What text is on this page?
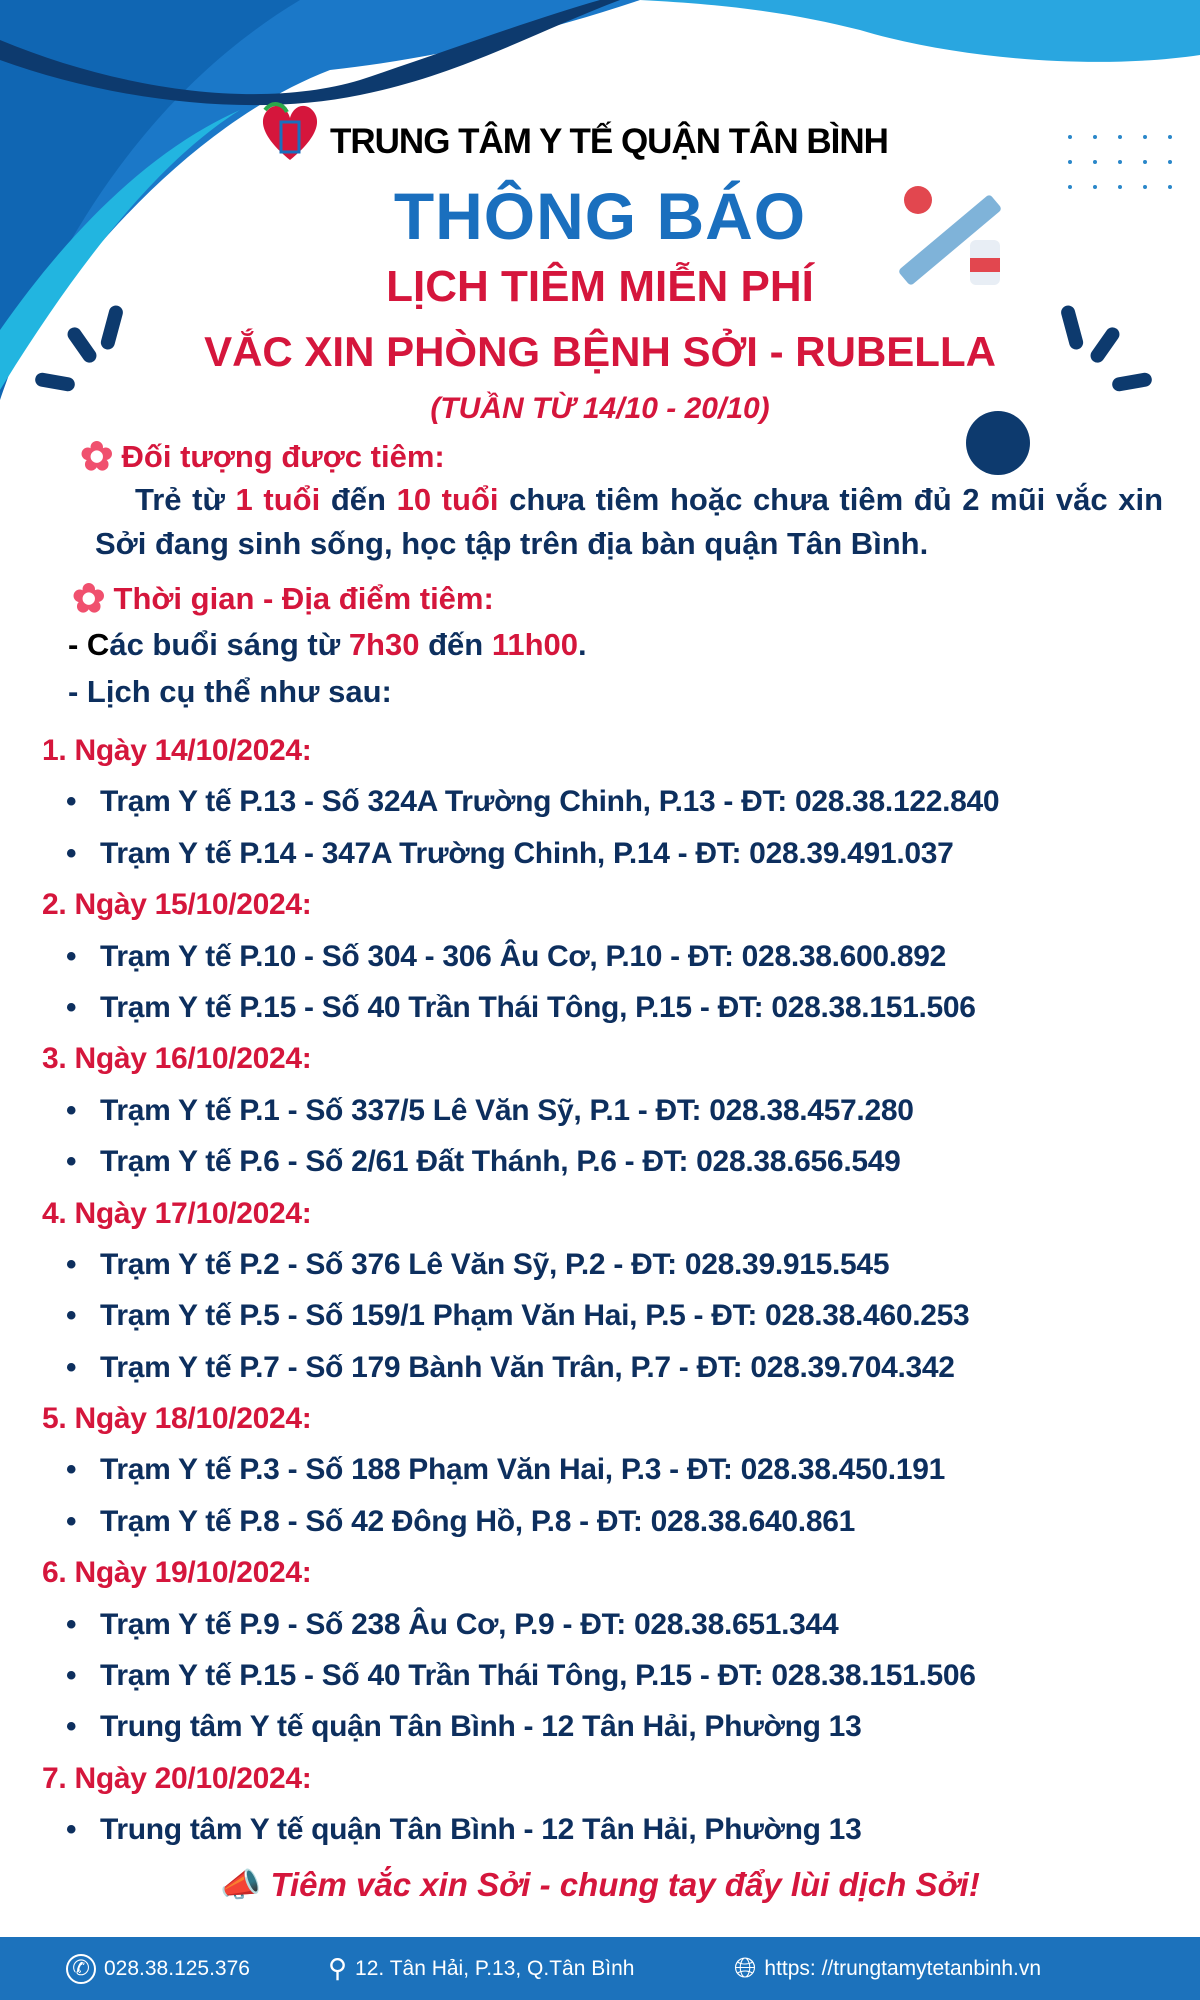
TRUNG TÂM Y TẾ QUẬN TÂN BÌNH
THÔNG BÁO
LỊCH TIÊM MIỄN PHÍ
VẮC XIN PHÒNG BỆNH SỞI - RUBELLA
(TUẦN TỪ 14/10 - 20/10)
✿ Đối tượng được tiêm:
Trẻ từ 1 tuổi đến 10 tuổi chưa tiêm hoặc chưa tiêm đủ 2 mũi vắc xin Sởi đang sinh sống, học tập trên địa bàn quận Tân Bình.
✿ Thời gian - Địa điểm tiêm:
- Các buổi sáng từ 7h30 đến 11h00.
- Lịch cụ thể như sau:
1. Ngày 14/10/2024:
• Trạm Y tế P.13 - Số 324A Trường Chinh, P.13 - ĐT: 028.38.122.840
• Trạm Y tế P.14 - 347A Trường Chinh, P.14 - ĐT: 028.39.491.037
2. Ngày 15/10/2024:
• Trạm Y tế P.10 - Số 304 - 306 Âu Cơ, P.10 - ĐT: 028.38.600.892
• Trạm Y tế P.15 - Số 40 Trần Thái Tông, P.15 - ĐT: 028.38.151.506
3. Ngày 16/10/2024:
• Trạm Y tế P.1 - Số 337/5 Lê Văn Sỹ, P.1 - ĐT: 028.38.457.280
• Trạm Y tế P.6 - Số 2/61 Đất Thánh, P.6 - ĐT: 028.38.656.549
4. Ngày 17/10/2024:
• Trạm Y tế P.2 - Số 376 Lê Văn Sỹ, P.2 - ĐT: 028.39.915.545
• Trạm Y tế P.5 - Số 159/1 Phạm Văn Hai, P.5 - ĐT: 028.38.460.253
• Trạm Y tế P.7 - Số 179 Bành Văn Trân, P.7 - ĐT: 028.39.704.342
5. Ngày 18/10/2024:
• Trạm Y tế P.3 - Số 188 Phạm Văn Hai, P.3 - ĐT: 028.38.450.191
• Trạm Y tế P.8 - Số 42 Đông Hồ, P.8 - ĐT: 028.38.640.861
6. Ngày 19/10/2024:
• Trạm Y tế P.9 - Số 238 Âu Cơ, P.9 - ĐT: 028.38.651.344
• Trạm Y tế P.15 - Số 40 Trần Thái Tông, P.15 - ĐT: 028.38.151.506
• Trung tâm Y tế quận Tân Bình - 12 Tân Hải, Phường 13
7. Ngày 20/10/2024:
• Trung tâm Y tế quận Tân Bình - 12 Tân Hải, Phường 13
📣 Tiêm vắc xin Sởi - chung tay đẩy lùi dịch Sởi!
✆ 028.38.125.376	⚲ 12. Tân Hải, P.13, Q.Tân Bình	🌐︎ https: //trungtamytetanbinh.vn
